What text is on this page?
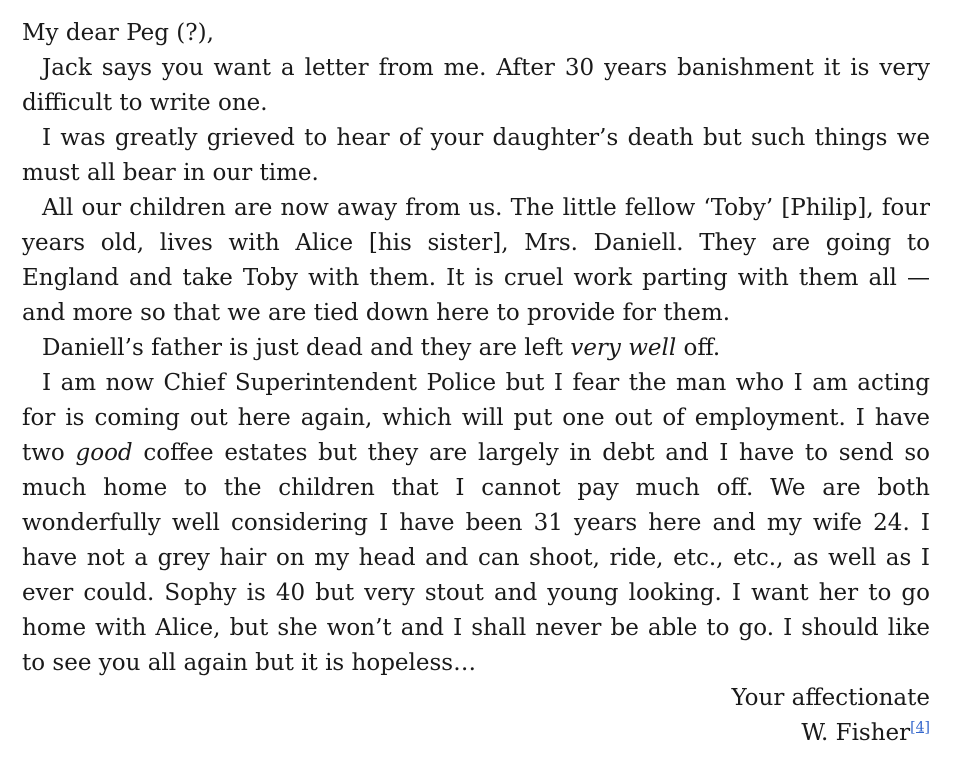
My dear Peg (?),

Jack says you want a letter from me. After 30 years banishment it is very difficult to write one.

I was greatly grieved to hear of your daughter’s death but such things we must all bear in our time.

All our children are now away from us. The little fellow ‘Toby’ [Philip], four years old, lives with Alice [his sister], Mrs. Daniell. They are going to England and take Toby with them. It is cruel work parting with them all — and more so that we are tied down here to provide for them.

Daniell’s father is just dead and they are left very well off.

I am now Chief Superintendent Police but I fear the man who I am acting for is coming out here again, which will put one out of employment. I have two good coffee estates but they are largely in debt and I have to send so much home to the children that I cannot pay much off. We are both wonderfully well considering I have been 31 years here and my wife 24. I have not a grey hair on my head and can shoot, ride, etc., etc., as well as I ever could. Sophy is 40 but very stout and young looking. I want her to go home with Alice, but she won’t and I shall never be able to go. I should like to see you all again but it is hopeless…

Your affectionate

W. Fisher[4]
